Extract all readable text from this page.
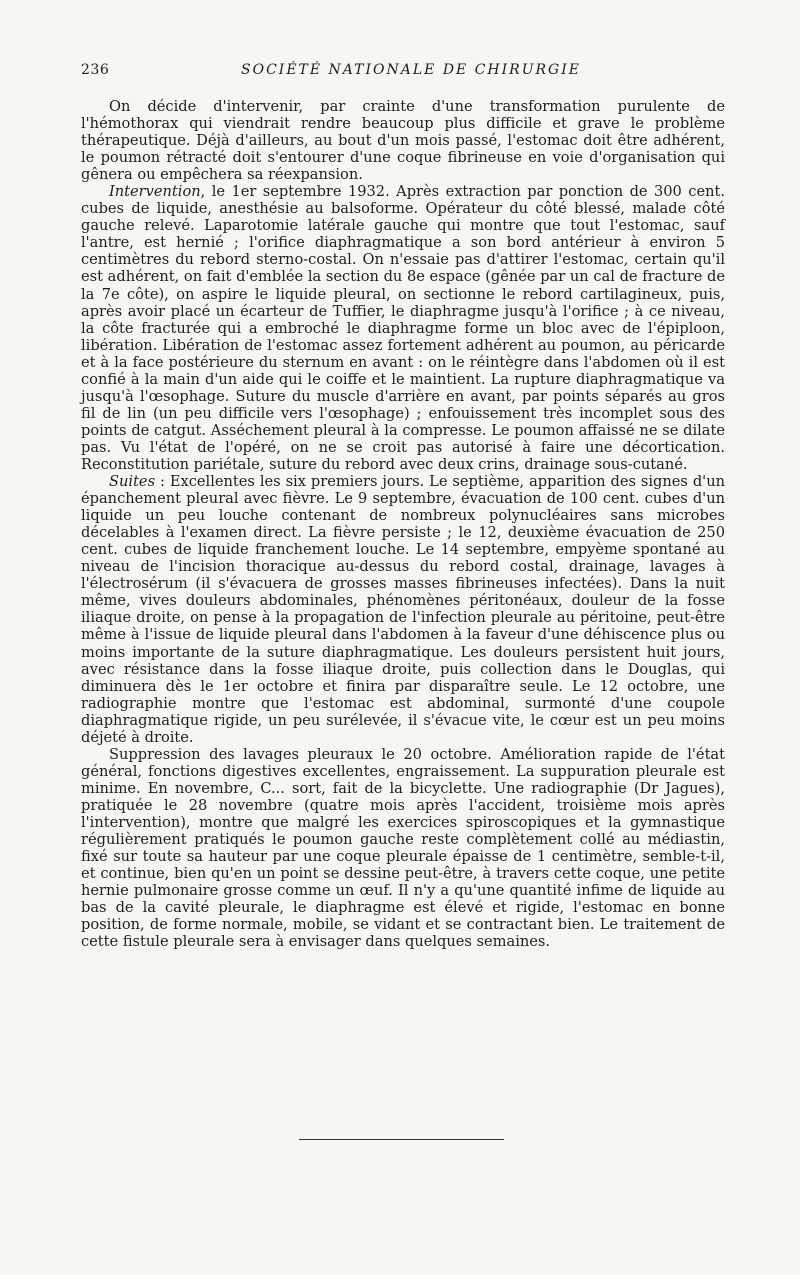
236	SOCIÉTÉ NATIONALE DE CHIRURGIE

On décide d'intervenir, par crainte d'une transformation purulente de l'hémothorax qui viendrait rendre beaucoup plus difficile et grave le problème thérapeutique. Déjà d'ailleurs, au bout d'un mois passé, l'estomac doit être adhérent, le poumon rétracté doit s'entourer d'une coque fibrineuse en voie d'organisation qui gênera ou empêchera sa réexpansion.

Intervention, le 1er septembre 1932. Après extraction par ponction de 300 cent. cubes de liquide, anesthésie au balsoforme. Opérateur du côté blessé, malade côté gauche relevé. Laparotomie latérale gauche qui montre que tout l'estomac, sauf l'antre, est hernié ; l'orifice diaphragmatique a son bord antérieur à environ 5 centimètres du rebord sterno-costal. On n'essaie pas d'attirer l'estomac, certain qu'il est adhérent, on fait d'emblée la section du 8e espace (gênée par un cal de fracture de la 7e côte), on aspire le liquide pleural, on sectionne le rebord cartilagineux, puis, après avoir placé un écarteur de Tuffier, le diaphragme jusqu'à l'orifice ; à ce niveau, la côte fracturée qui a embroché le diaphragme forme un bloc avec de l'épiploon, libération. Libération de l'estomac assez fortement adhérent au poumon, au péricarde et à la face postérieure du sternum en avant : on le réintègre dans l'abdomen où il est confié à la main d'un aide qui le coiffe et le maintient. La rupture diaphragmatique va jusqu'à l'œsophage. Suture du muscle d'arrière en avant, par points séparés au gros fil de lin (un peu difficile vers l'œsophage) ; enfouissement très incomplet sous des points de catgut. Asséchement pleural à la compresse. Le poumon affaissé ne se dilate pas. Vu l'état de l'opéré, on ne se croit pas autorisé à faire une décortication. Reconstitution pariétale, suture du rebord avec deux crins, drainage sous-cutané.

Suites : Excellentes les six premiers jours. Le septième, apparition des signes d'un épanchement pleural avec fièvre. Le 9 septembre, évacuation de 100 cent. cubes d'un liquide un peu louche contenant de nombreux polynucléaires sans microbes décelables à l'examen direct. La fièvre persiste ; le 12, deuxième évacuation de 250 cent. cubes de liquide franchement louche. Le 14 septembre, empyème spontané au niveau de l'incision thoracique au-dessus du rebord costal, drainage, lavages à l'électrosérum (il s'évacuera de grosses masses fibrineuses infectées). Dans la nuit même, vives douleurs abdominales, phénomènes péritonéaux, douleur de la fosse iliaque droite, on pense à la propagation de l'infection pleurale au péritoine, peut-être même à l'issue de liquide pleural dans l'abdomen à la faveur d'une déhiscence plus ou moins importante de la suture diaphragmatique. Les douleurs persistent huit jours, avec résistance dans la fosse iliaque droite, puis collection dans le Douglas, qui diminuera dès le 1er octobre et finira par disparaître seule. Le 12 octobre, une radiographie montre que l'estomac est abdominal, surmonté d'une coupole diaphragmatique rigide, un peu surélevée, il s'évacue vite, le cœur est un peu moins déjeté à droite.

Suppression des lavages pleuraux le 20 octobre. Amélioration rapide de l'état général, fonctions digestives excellentes, engraissement. La suppuration pleurale est minime. En novembre, C... sort, fait de la bicyclette. Une radiographie (Dr Jagues), pratiquée le 28 novembre (quatre mois après l'accident, troisième mois après l'intervention), montre que malgré les exercices spiroscopiques et la gymnastique régulièrement pratiqués le poumon gauche reste complètement collé au médiastin, fixé sur toute sa hauteur par une coque pleurale épaisse de 1 centimètre, semble-t-il, et continue, bien qu'en un point se dessine peut-être, à travers cette coque, une petite hernie pulmonaire grosse comme un œuf. Il n'y a qu'une quantité infime de liquide au bas de la cavité pleurale, le diaphragme est élevé et rigide, l'estomac en bonne position, de forme normale, mobile, se vidant et se contractant bien. Le traitement de cette fistule pleurale sera à envisager dans quelques semaines.
